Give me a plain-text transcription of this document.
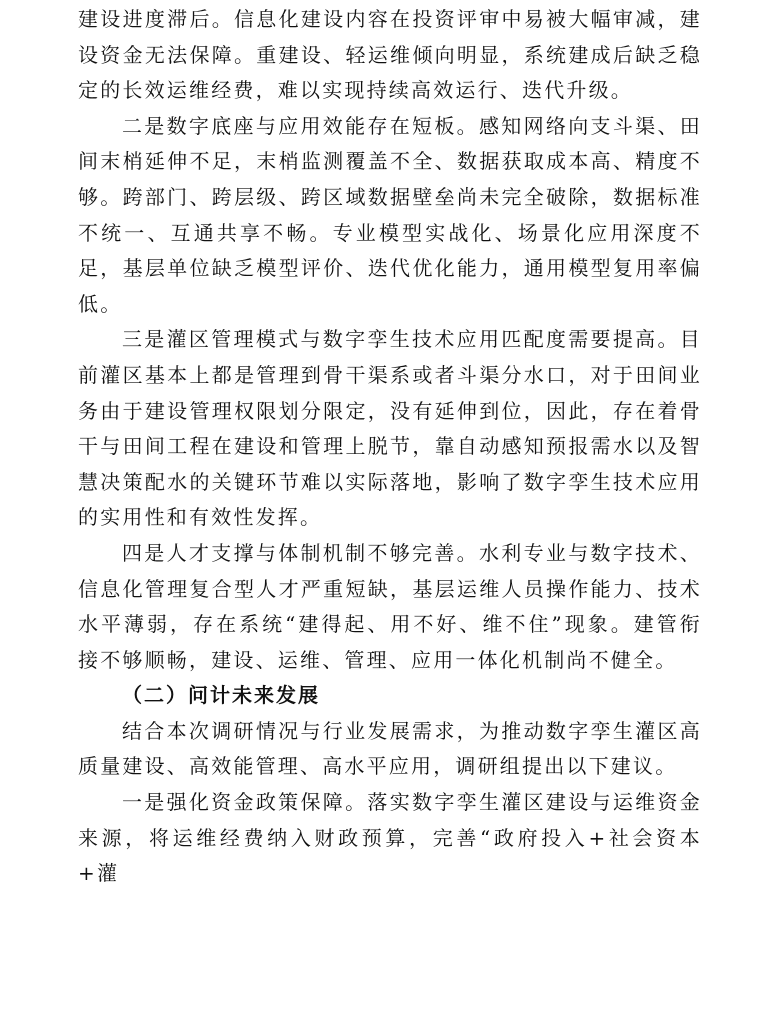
建设进度滞后。信息化建设内容在投资评审中易被大幅审减，建设资金无法保障。重建设、轻运维倾向明显，系统建成后缺乏稳定的长效运维经费，难以实现持续高效运行、迭代升级。

二是数字底座与应用效能存在短板。感知网络向支斗渠、田间末梢延伸不足，末梢监测覆盖不全、数据获取成本高、精度不够。跨部门、跨层级、跨区域数据壁垒尚未完全破除，数据标准不统一、互通共享不畅。专业模型实战化、场景化应用深度不足，基层单位缺乏模型评价、迭代优化能力，通用模型复用率偏低。

三是灌区管理模式与数字孪生技术应用匹配度需要提高。目前灌区基本上都是管理到骨干渠系或者斗渠分水口，对于田间业务由于建设管理权限划分限定，没有延伸到位，因此，存在着骨干与田间工程在建设和管理上脱节，靠自动感知预报需水以及智慧决策配水的关键环节难以实际落地，影响了数字孪生技术应用的实用性和有效性发挥。

四是人才支撑与体制机制不够完善。水利专业与数字技术、信息化管理复合型人才严重短缺，基层运维人员操作能力、技术水平薄弱，存在系统“建得起、用不好、维不住”现象。建管衔接不够顺畅，建设、运维、管理、应用一体化机制尚不健全。

（二）问计未来发展

结合本次调研情况与行业发展需求，为推动数字孪生灌区高质量建设、高效能管理、高水平应用，调研组提出以下建议。

一是强化资金政策保障。落实数字孪生灌区建设与运维资金来源，将运维经费纳入财政预算，完善“政府投入+社会资本+灌
